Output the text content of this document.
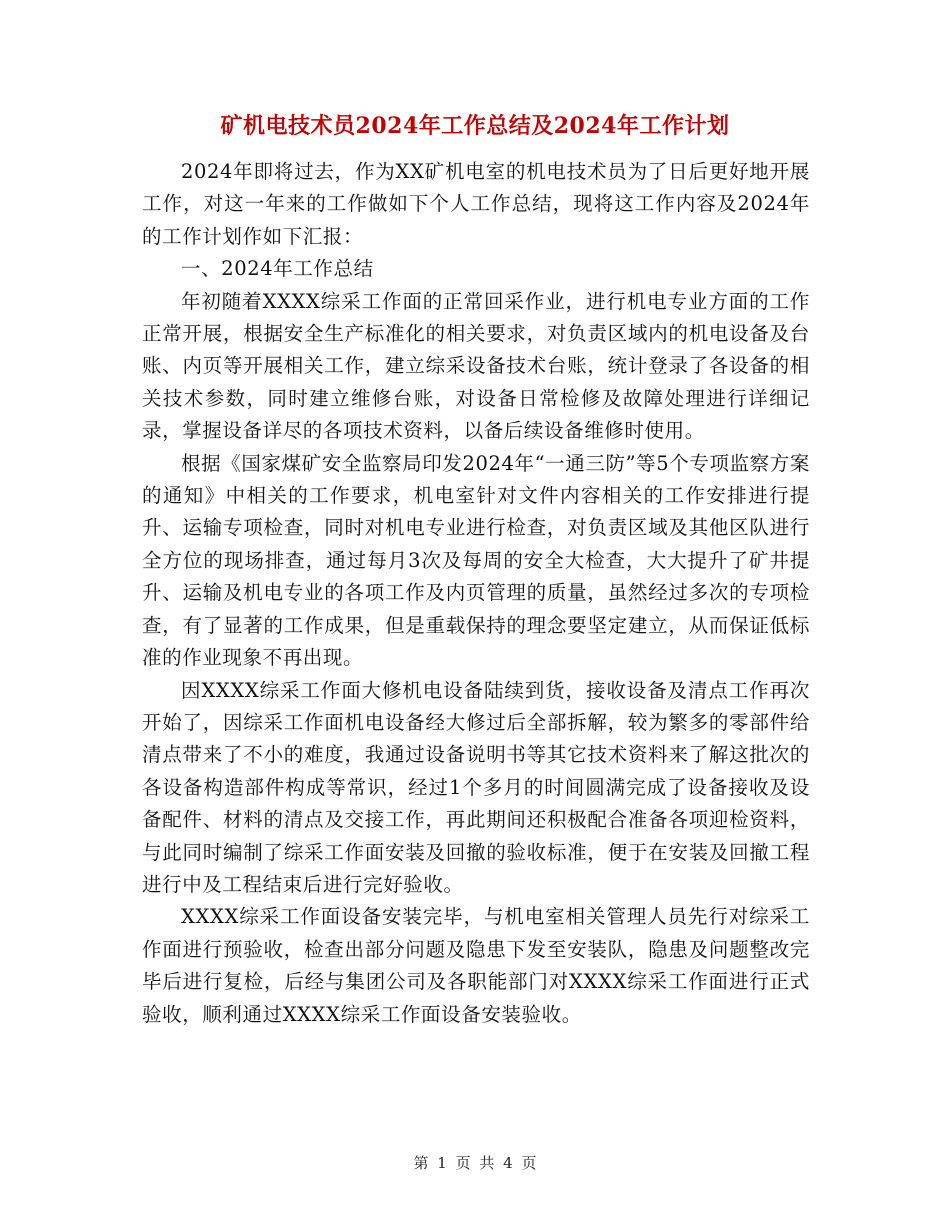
矿机电技术员2024年工作总结及2024年工作计划

2024年即将过去，作为XX矿机电室的机电技术员为了日后更好地开展工作，对这一年来的工作做如下个人工作总结，现将这工作内容及2024年的工作计划作如下汇报：

一、2024年工作总结

年初随着XXXX综采工作面的正常回采作业，进行机电专业方面的工作正常开展，根据安全生产标准化的相关要求，对负责区域内的机电设备及台账、内页等开展相关工作，建立综采设备技术台账，统计登录了各设备的相关技术参数，同时建立维修台账，对设备日常检修及故障处理进行详细记录，掌握设备详尽的各项技术资料，以备后续设备维修时使用。

根据《国家煤矿安全监察局印发2024年“一通三防”等5个专项监察方案的通知》中相关的工作要求，机电室针对文件内容相关的工作安排进行提升、运输专项检查，同时对机电专业进行检查，对负责区域及其他区队进行全方位的现场排查，通过每月3次及每周的安全大检查，大大提升了矿井提升、运输及机电专业的各项工作及内页管理的质量，虽然经过多次的专项检查，有了显著的工作成果，但是重载保持的理念要坚定建立，从而保证低标准的作业现象不再出现。

因XXXX综采工作面大修机电设备陆续到货，接收设备及清点工作再次开始了，因综采工作面机电设备经大修过后全部拆解，较为繁多的零部件给清点带来了不小的难度，我通过设备说明书等其它技术资料来了解这批次的各设备构造部件构成等常识，经过1个多月的时间圆满完成了设备接收及设备配件、材料的清点及交接工作，再此期间还积极配合准备各项迎检资料，与此同时编制了综采工作面安装及回撤的验收标准，便于在安装及回撤工程进行中及工程结束后进行完好验收。

XXXX综采工作面设备安装完毕，与机电室相关管理人员先行对综采工作面进行预验收，检查出部分问题及隐患下发至安装队，隐患及问题整改完毕后进行复检，后经与集团公司及各职能部门对XXXX综采工作面进行正式验收，顺利通过XXXX综采工作面设备安装验收。

第 1 页 共 4 页
